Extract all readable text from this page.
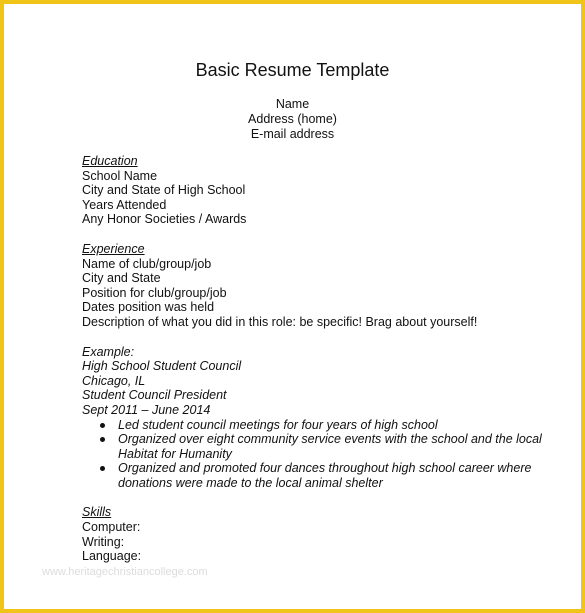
Basic Resume Template
Name
Address (home)
E-mail address
Education
School Name
City and State of High School
Years Attended
Any Honor Societies / Awards
Experience
Name of club/group/job
City and State
Position for club/group/job
Dates position was held
Description of what you did in this role: be specific! Brag about yourself!
Example:
High School Student Council
Chicago, IL
Student Council President
Sept 2011 – June 2014
Led student council meetings for four years of high school
Organized over eight community service events with the school and the local Habitat for Humanity
Organized and promoted four dances throughout high school career where donations were made to the local animal shelter
Skills
Computer:
Writing:
Language:
www.heritagechristiancollege.com
